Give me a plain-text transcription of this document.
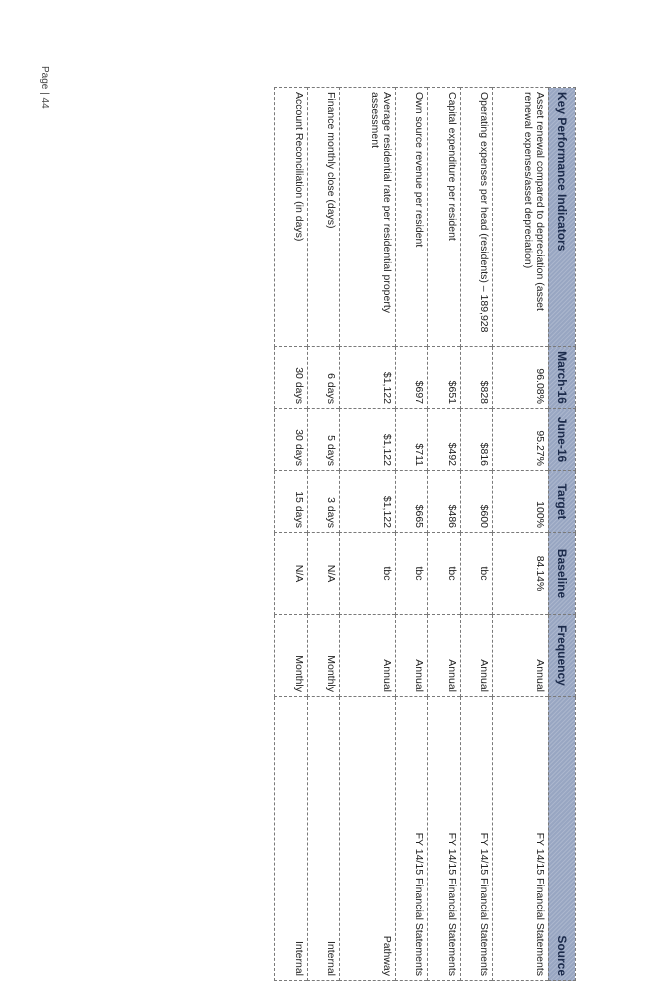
Page | 44
Key Performance Indicators	March-16	June-16	Target	Baseline	Frequency	Source
Asset renewal compared to depreciation (asset renewal expenses/asset depreciation)	96.08%	95.27%	100%	84.14%	Annual	FY 14/15 Financial Statements
Operating expenses per head (residents) – 189,928	$828	$816	$600	tbc	Annual	FY 14/15 Financial Statements
Capital expenditure per resident	$651	$492	$486	tbc	Annual	FY 14/15 Financial Statements
Own source revenue per resident	$697	$711	$665	tbc	Annual	FY 14/15 Financial Statements
Average residential rate per residential property assessment	$1,122	$1,122	$1,122	tbc	Annual	Pathway
Finance monthly close (days)	6 days	5 days	3 days	N/A	Monthly	Internal
Account Reconciliation (in days)	30 days	30 days	15 days	N/A	Monthly	Internal
